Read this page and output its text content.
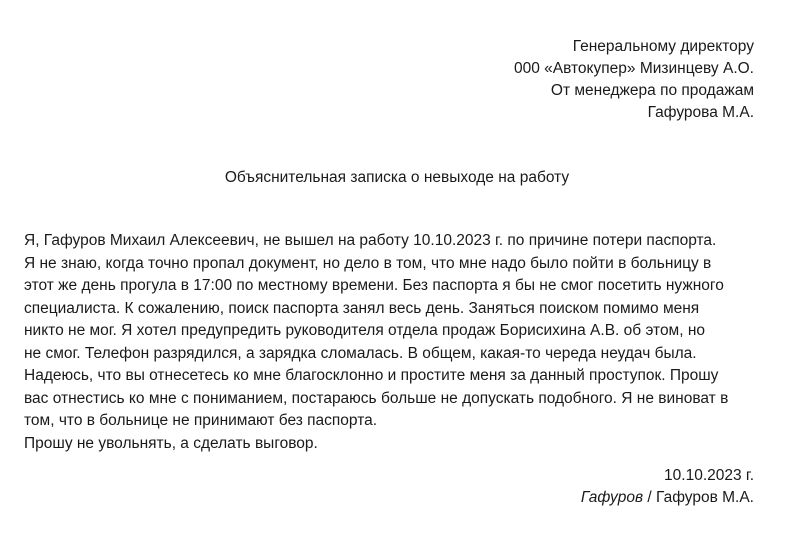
Генеральному директору
000 «Автокупер» Мизинцеву А.О.
От менеджера по продажам
Гафурова М.А.
Объяснительная записка о невыходе на работу
Я, Гафуров Михаил Алексеевич, не вышел на работу 10.10.2023 г. по причине потери паспорта.
Я не знаю, когда точно пропал документ, но дело в том, что мне надо было пойти в больницу в
этот же день прогула в 17:00 по местному времени. Без паспорта я бы не смог посетить нужного
специалиста. К сожалению, поиск паспорта занял весь день. Заняться поиском помимо меня
никто не мог. Я хотел предупредить руководителя отдела продаж Борисихина А.В. об этом, но
не смог. Телефон разрядился, а зарядка сломалась. В общем, какая-то череда неудач была.
Надеюсь, что вы отнесетесь ко мне благосклонно и простите меня за данный проступок. Прошу
вас отнестись ко мне с пониманием, постараюсь больше не допускать подобного. Я не виноват в
том, что в больнице не принимают без паспорта.
Прошу не увольнять, а сделать выговор.
10.10.2023 г.
Гафуров / Гафуров М.А.
